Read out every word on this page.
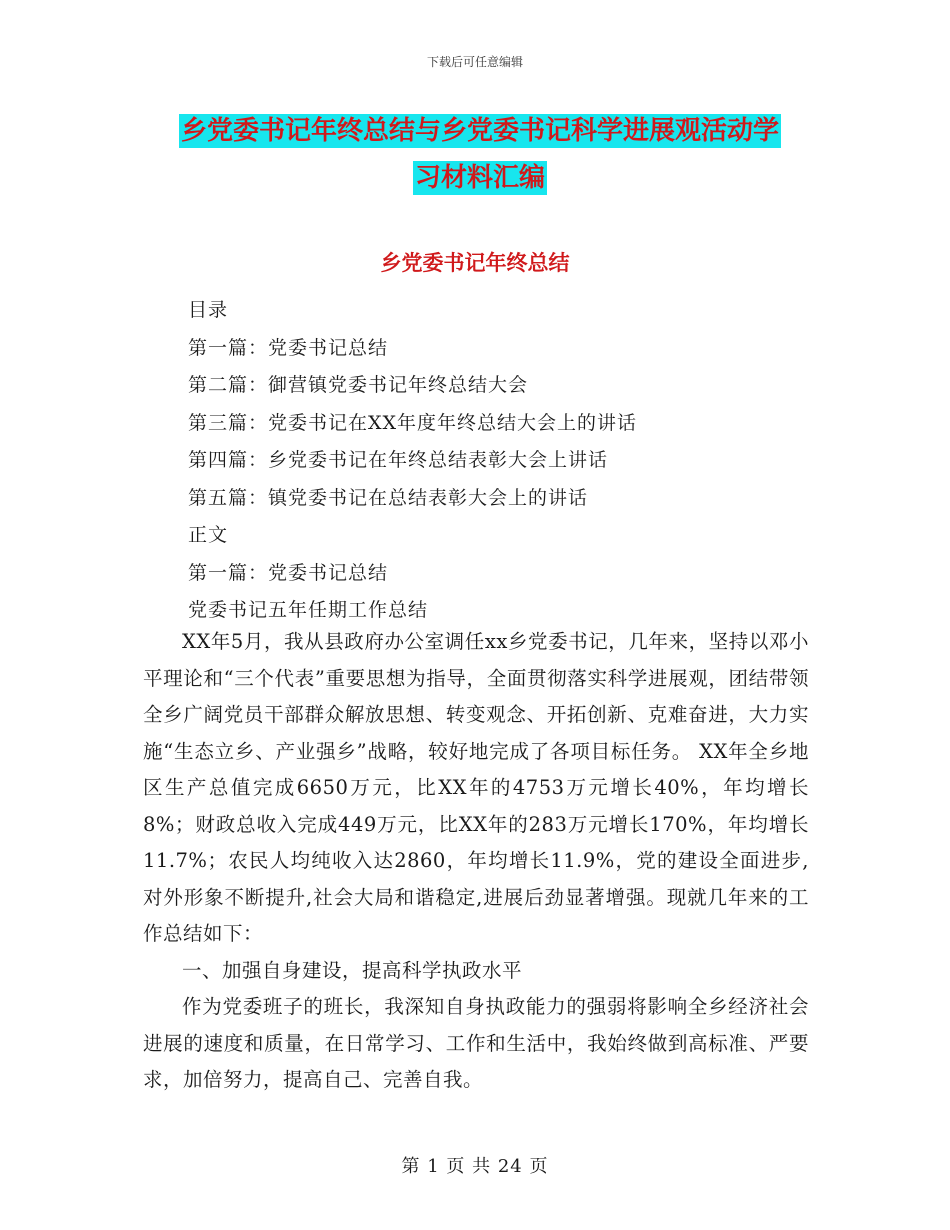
下载后可任意编辑
乡党委书记年终总结与乡党委书记科学进展观活动学
习材料汇编
乡党委书记年终总结
目录
第一篇：党委书记总结
第二篇：御营镇党委书记年终总结大会
第三篇：党委书记在XX年度年终总结大会上的讲话
第四篇：乡党委书记在年终总结表彰大会上讲话
第五篇：镇党委书记在总结表彰大会上的讲话
正文
第一篇：党委书记总结
党委书记五年任期工作总结

XX年5月，我从县政府办公室调任xx乡党委书记，几年来，坚持以邓小平理论和“三个代表”重要思想为指导，全面贯彻落实科学进展观，团结带领全乡广阔党员干部群众解放思想、转变观念、开拓创新、克难奋进，大力实施“生态立乡、产业强乡”战略，较好地完成了各项目标任务。 XX年全乡地区生产总值完成6650万元，比XX年的4753万元增长40%，年均增长8%；财政总收入完成449万元，比XX年的283万元增长170%，年均增长11.7%；农民人均纯收入达2860，年均增长11.9%，党的建设全面进步,对外形象不断提升,社会大局和谐稳定,进展后劲显著增强。现就几年来的工作总结如下：

一、加强自身建设，提高科学执政水平

作为党委班子的班长，我深知自身执政能力的强弱将影响全乡经济社会进展的速度和质量，在日常学习、工作和生活中，我始终做到高标准、严要求，加倍努力，提高自己、完善自我。

第 1 页 共 24 页
